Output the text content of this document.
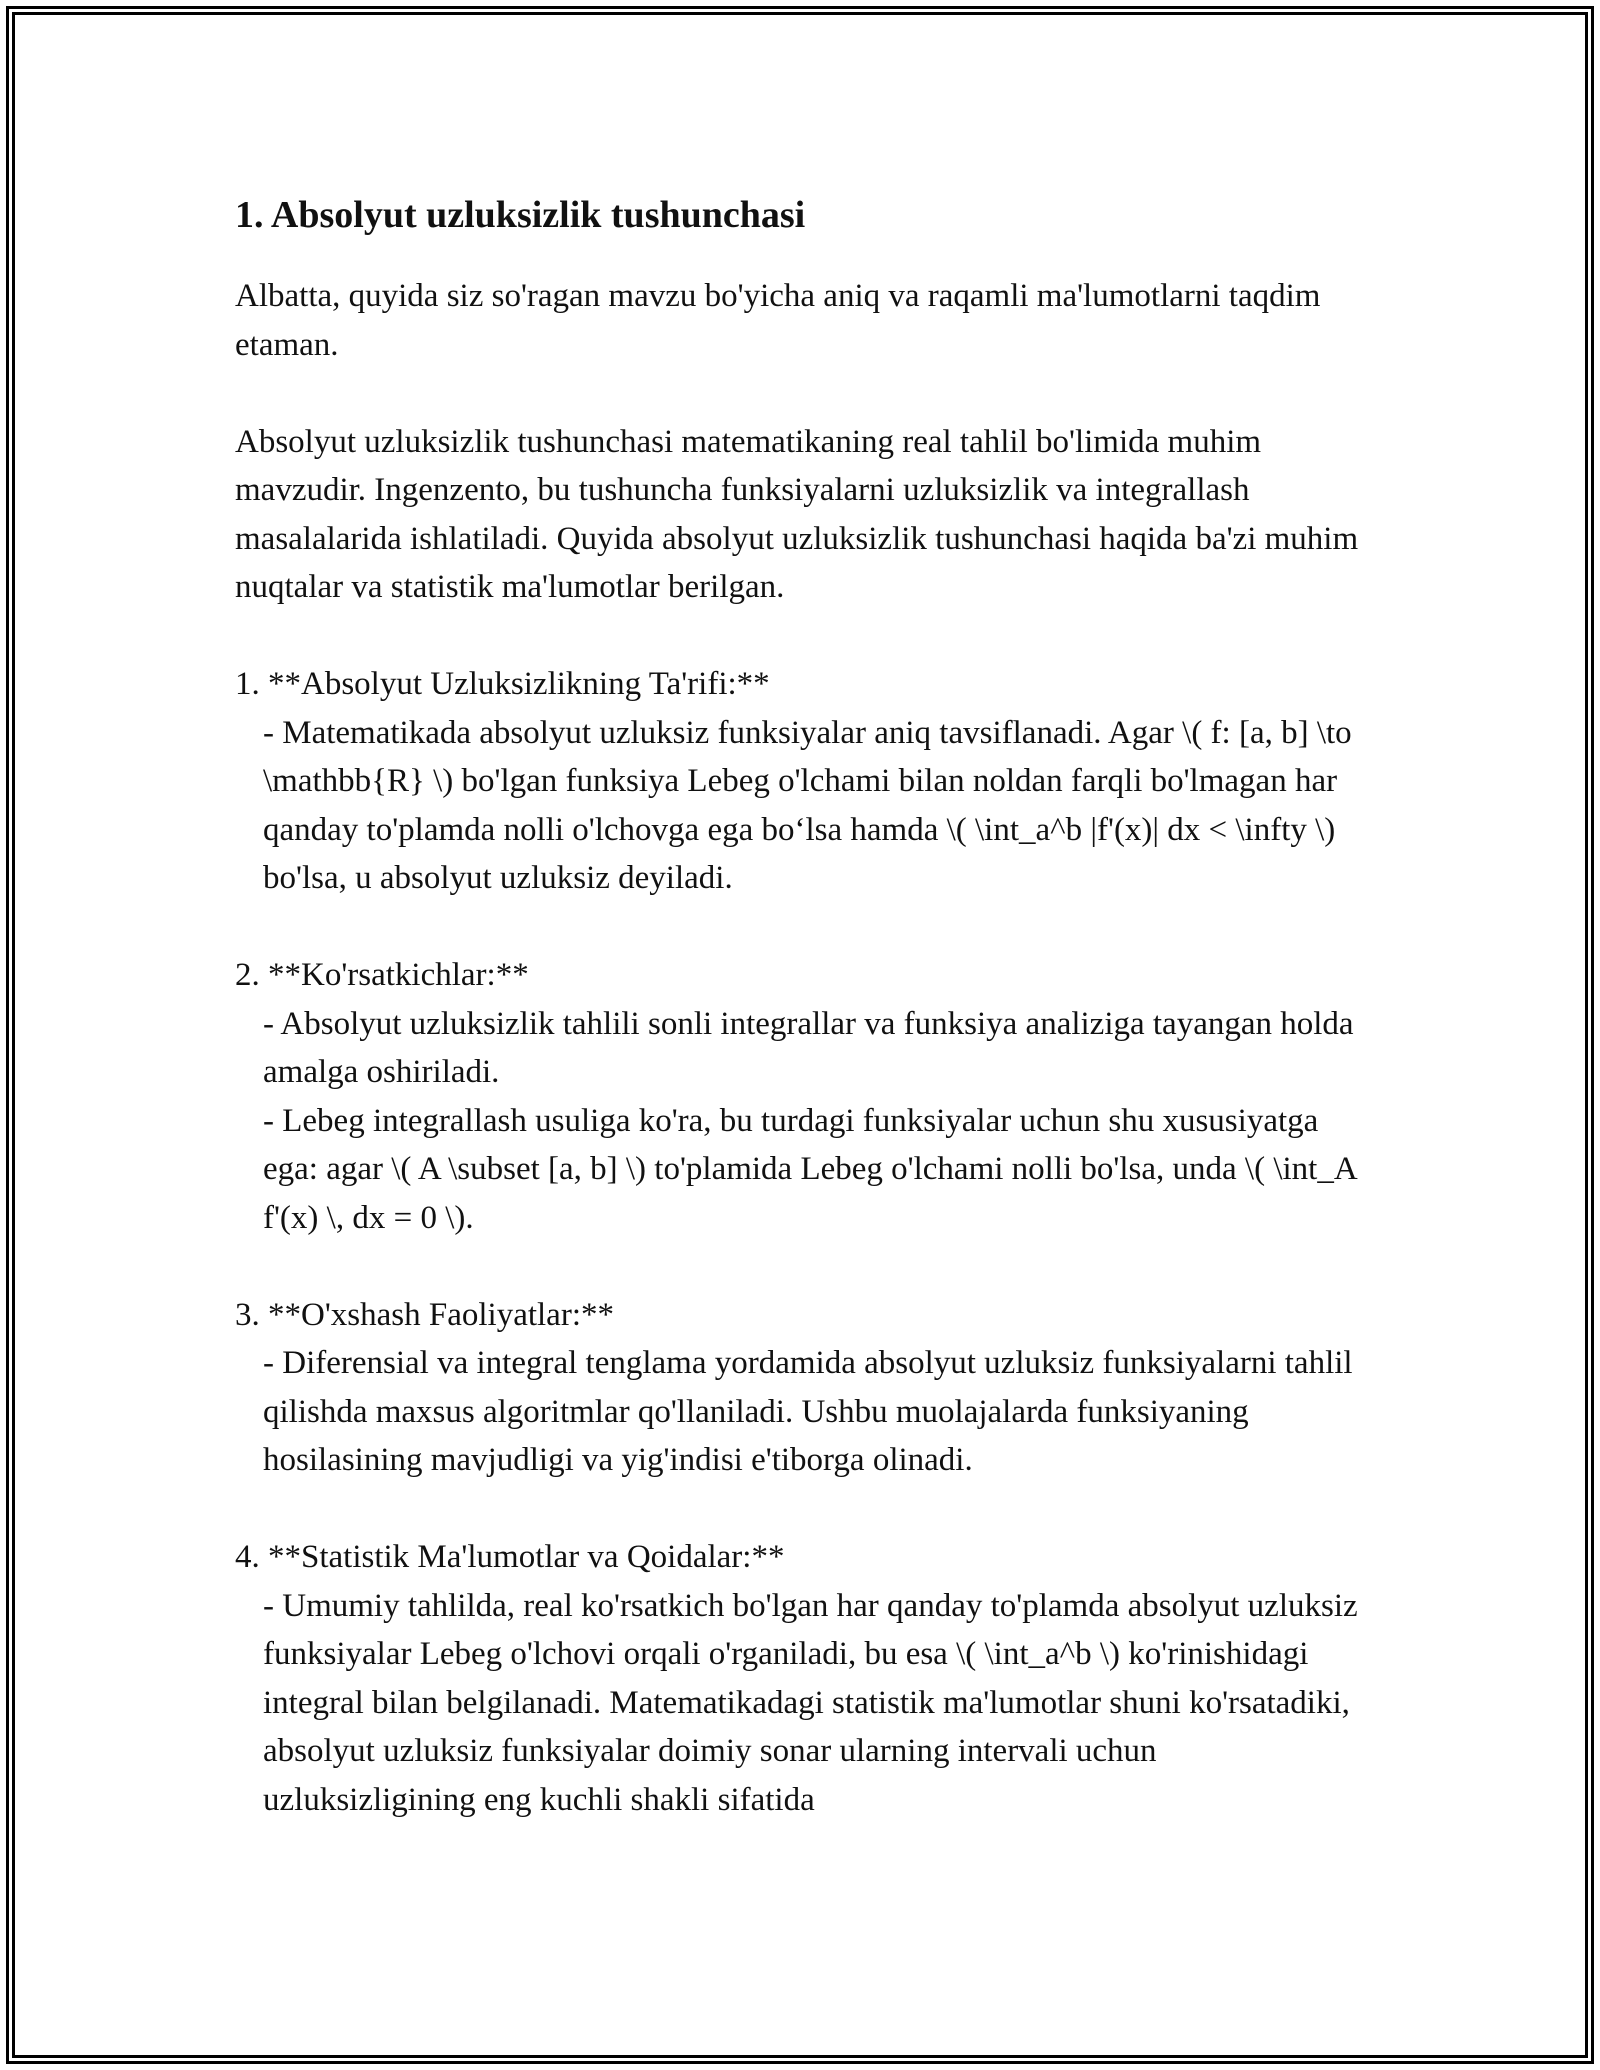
1. Absolyut uzluksizlik tushunchasi

Albatta, quyida siz so'ragan mavzu bo'yicha aniq va raqamli ma'lumotlarni taqdim etaman.

Absolyut uzluksizlik tushunchasi matematikaning real tahlil bo'limida muhim mavzudir. Ingenzento, bu tushuncha funksiyalarni uzluksizlik va integrallash masalalarida ishlatiladi. Quyida absolyut uzluksizlik tushunchasi haqida ba'zi muhim nuqtalar va statistik ma'lumotlar berilgan.

1. **Absolyut Uzluksizlikning Ta'rifi:**

- Matematikada absolyut uzluksiz funksiyalar aniq tavsiflanadi. Agar \( f: [a, b] \to \mathbb{R} \) bo'lgan funksiya Lebeg o'lchami bilan noldan farqli bo'lmagan har qanday to'plamda nolli o'lchovga ega bo‘lsa hamda \( \int_a^b |f'(x)| dx < \infty \) bo'lsa, u absolyut uzluksiz deyiladi.

2. **Ko'rsatkichlar:**

- Absolyut uzluksizlik tahlili sonli integrallar va funksiya analiziga tayangan holda amalga oshiriladi.

- Lebeg integrallash usuliga ko'ra, bu turdagi funksiyalar uchun shu xususiyatga ega: agar \( A \subset [a, b] \) to'plamida Lebeg o'lchami nolli bo'lsa, unda \( \int_A f'(x) \, dx = 0 \).

3. **O'xshash Faoliyatlar:**

- Diferensial va integral tenglama yordamida absolyut uzluksiz funksiyalarni tahlil qilishda maxsus algoritmlar qo'llaniladi. Ushbu muolajalarda funksiyaning hosilasining mavjudligi va yig'indisi e'tiborga olinadi.

4. **Statistik Ma'lumotlar va Qoidalar:**

- Umumiy tahlilda, real ko'rsatkich bo'lgan har qanday to'plamda absolyut uzluksiz funksiyalar Lebeg o'lchovi orqali o'rganiladi, bu esa \( \int_a^b \) ko'rinishidagi integral bilan belgilanadi. Matematikadagi statistik ma'lumotlar shuni ko'rsatadiki, absolyut uzluksiz funksiyalar doimiy sonar ularning intervali uchun uzluksizligining eng kuchli shakli sifatida
